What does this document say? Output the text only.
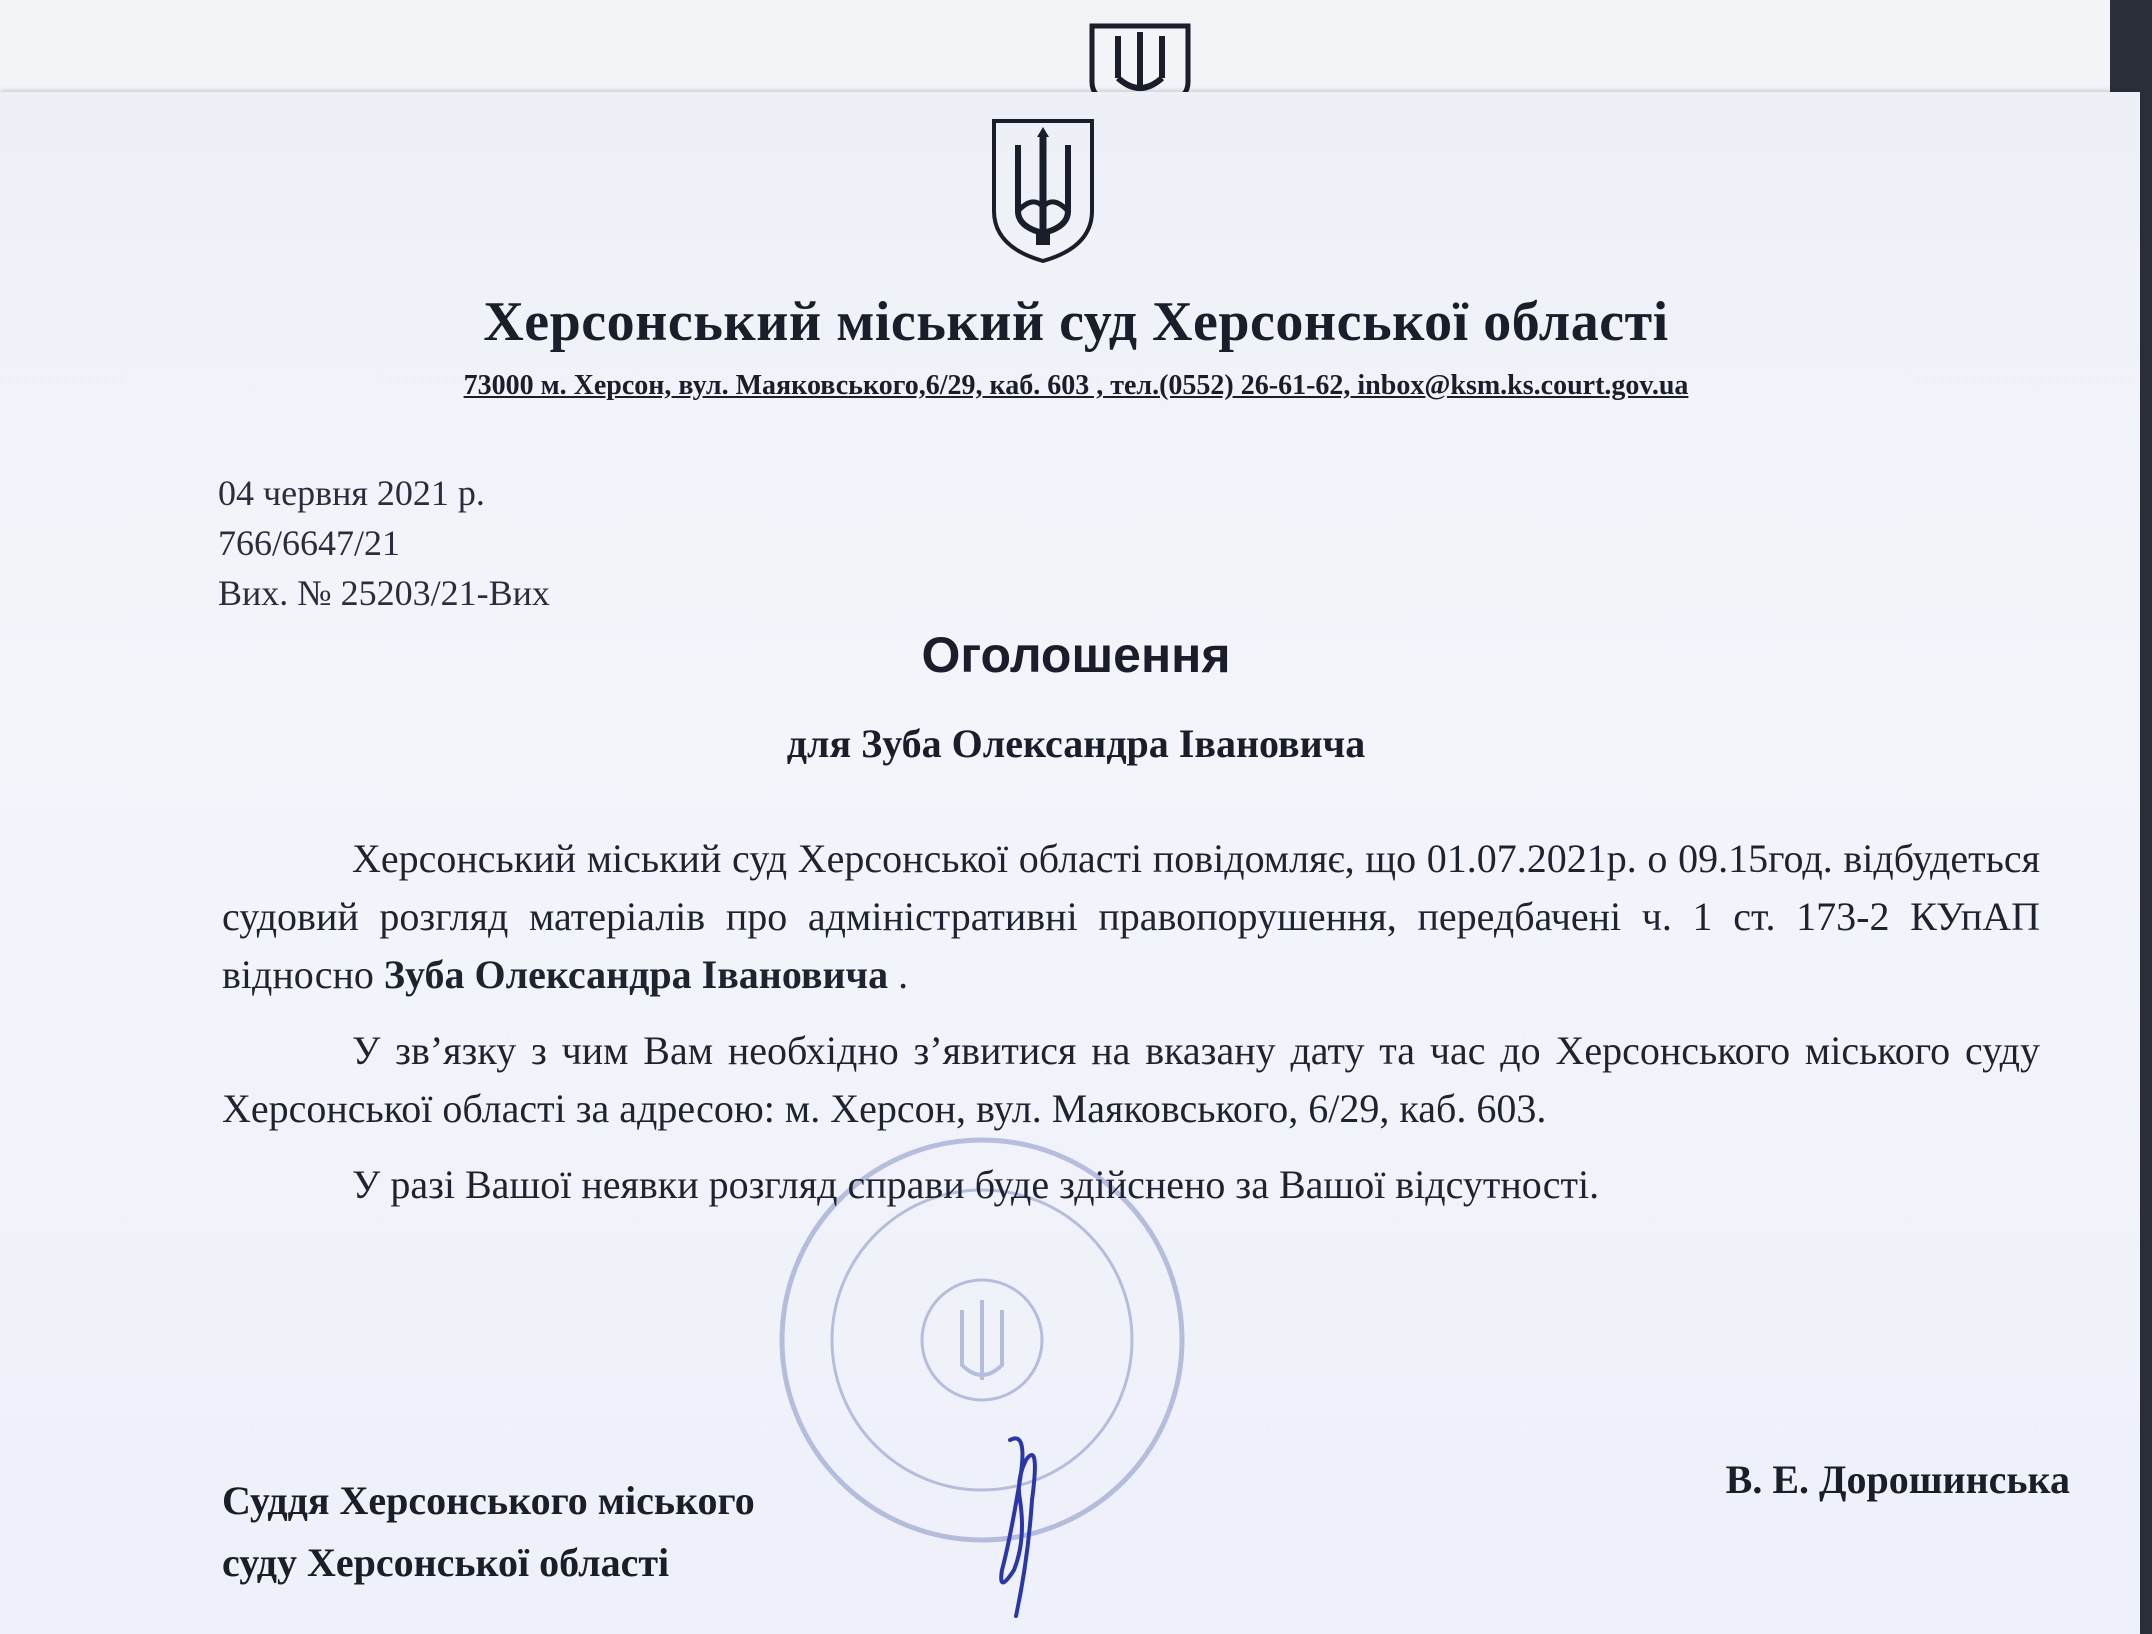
Херсонський міський суд Херсонської області
73000 м. Херсон, вул. Маяковського,6/29, каб. 603 , тел.(0552) 26-61-62, inbox@ksm.ks.court.gov.ua
04 червня 2021 р.
766/6647/21
Вих. № 25203/21-Вих
Оголошення
для Зуба Олександра Івановича

Херсонський міський суд Херсонської області повідомляє, що 01.07.2021р. о 09.15год. відбудеться судовий розгляд матеріалів про адміністративні правопорушення, передбачені ч. 1 ст. 173-2 КУпАП відносно Зуба Олександра Івановича .

У зв’язку з чим Вам необхідно з’явитися на вказану дату та час до Херсонського міського суду Херсонської області за адресою: м. Херсон, вул. Маяковського, 6/29, каб. 603.

У разі Вашої неявки розгляд справи буде здійснено за Вашої відсутності.

Суддя Херсонського міського
суду Херсонської області
В. Е. Дорошинська
